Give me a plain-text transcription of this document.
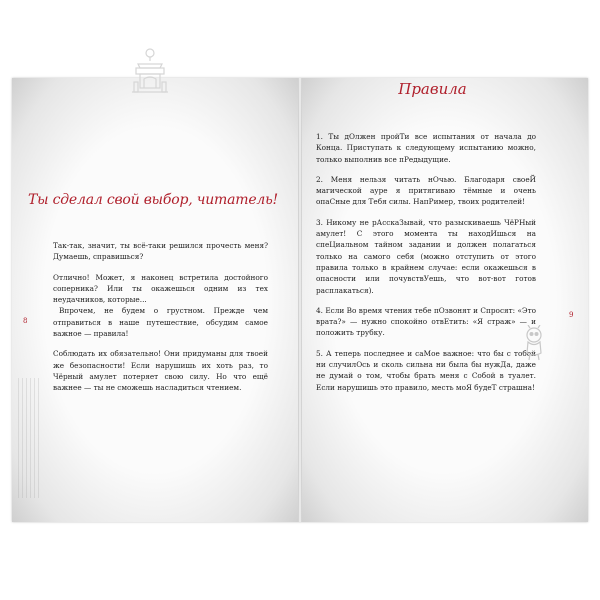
Ты сделал свой выбор, читатель!

Так-так, значит, ты всё-таки решился прочесть меня? Думаешь, справишься?

Отлично! Может, я наконец встретила достойного соперника? Или ты окажешься одним из тех неудачников, которые...

Впрочем, не будем о грустном. Прежде чем отправиться в наше путешествие, обсудим самое важное — правила!

Соблюдать их обязательно! Они придуманы для твоей же безопасности! Если нарушишь их хоть раз, то Чёрный амулет потеряет свою силу. Но что ещё важнее — ты не сможешь насладиться чтением.

8
Правила

1. Ты дОлжен пройТи все испытания от начала до Конца. Приступать к следующему испытанию можно, только выполнив все пРедыдущие.

2. Меня нельзя читать нОчью. Благодаря своеЙ магической ауре я притягиваю тёмные и очень опаСные для Тебя силы. НапРимер, твоих родителей!

3. Никому не рАсскаЗывай, что разыскиваешь ЧёРНый амулет! С этого момента ты находИшься на спеЦиальном тайном задании и должен полагаться только на самого себя (можно отступить от этого правила только в крайнем случае: если окажешься в опасности или почувствУешь, что вот-вот готов расплакаться).

4. Если Во время чтения тебе пОзвонят и Спросят: «Это врата?» — нужно спокойно отвЕтить: «Я страж» — и положить трубку.

5. А теперь последнее и саМое важное: что бы с тобой ни случилОсь и сколь сильна ни была бы нужДа, даже не думай о том, чтобы брать меня с Собой в туалет. Если нарушишь это правило, месть моЯ будеТ страшна!

9
